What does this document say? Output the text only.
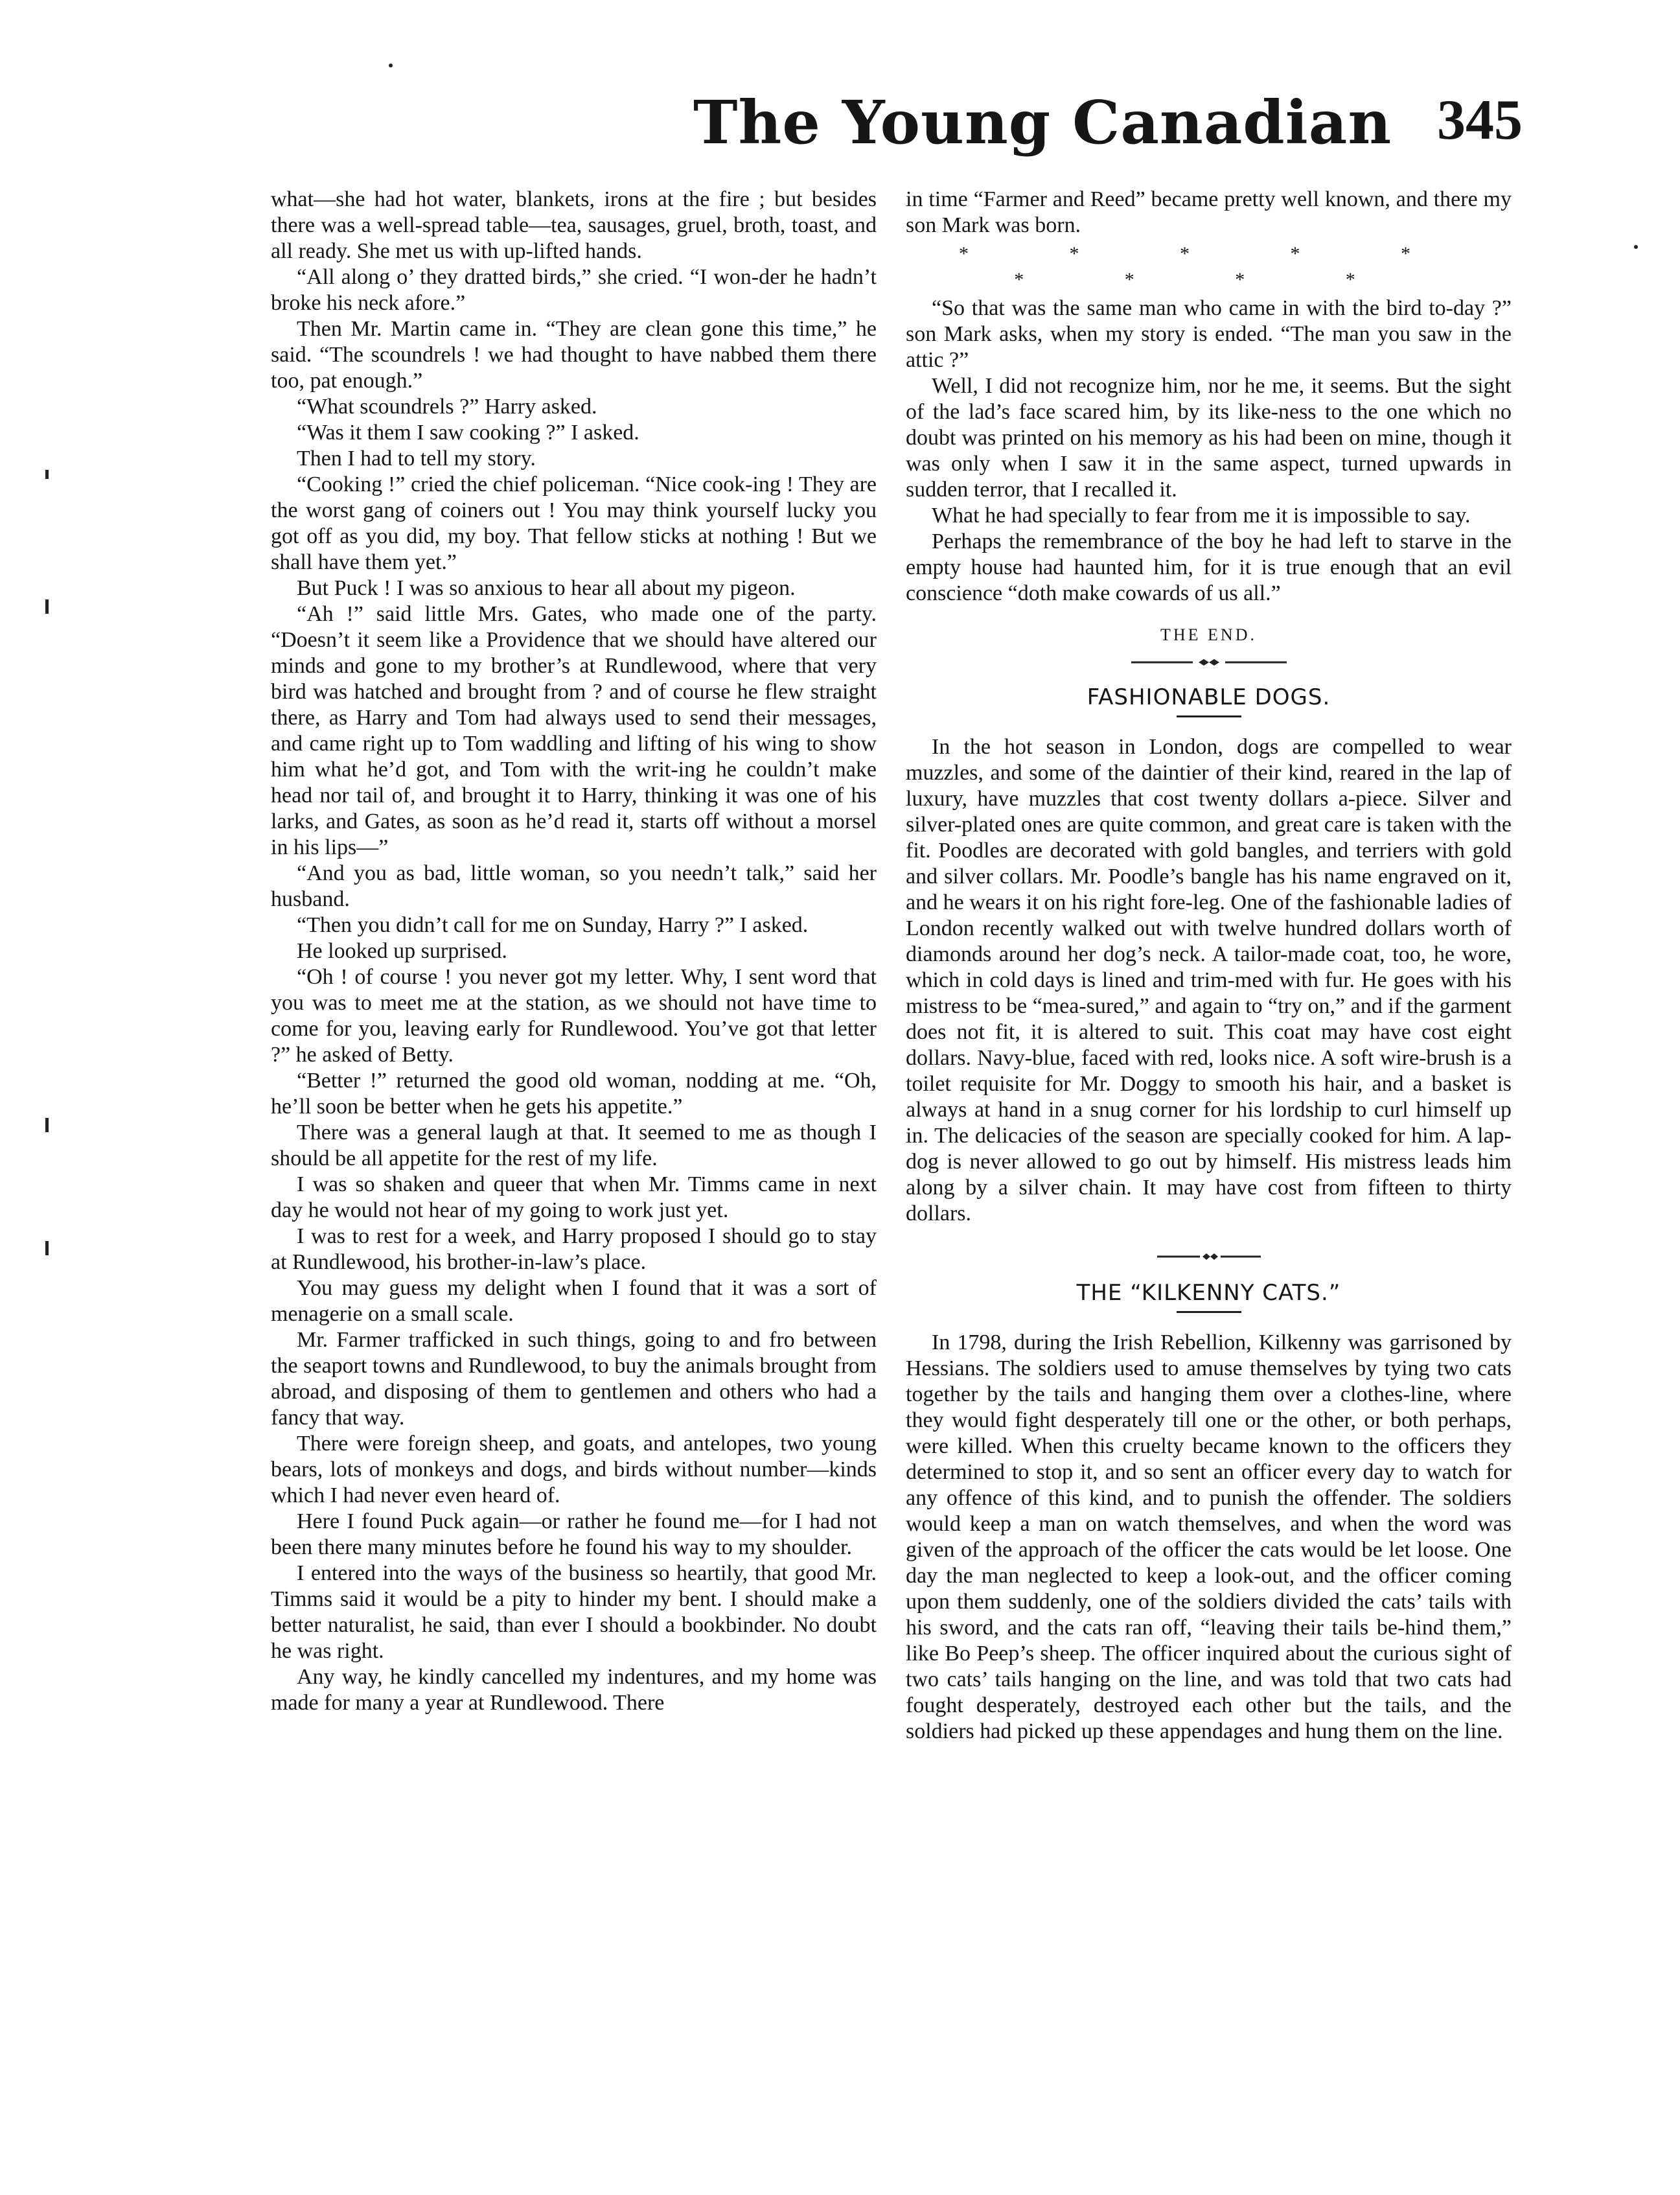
The Young Canadian 345

what—she had hot water, blankets, irons at the fire ; but besides there was a well-spread table—tea, sausages, gruel, broth, toast, and all ready. She met us with up-lifted hands.

“All along o’ they dratted birds,” she cried. “I won-der he hadn’t broke his neck afore.”

Then Mr. Martin came in. “They are clean gone this time,” he said. “The scoundrels ! we had thought to have nabbed them there too, pat enough.”

“What scoundrels ?” Harry asked.

“Was it them I saw cooking ?” I asked.

Then I had to tell my story.

“Cooking !” cried the chief policeman. “Nice cook-ing ! They are the worst gang of coiners out ! You may think yourself lucky you got off as you did, my boy. That fellow sticks at nothing ! But we shall have them yet.”

But Puck ! I was so anxious to hear all about my pigeon.

“Ah !” said little Mrs. Gates, who made one of the party. “Doesn’t it seem like a Providence that we should have altered our minds and gone to my brother’s at Rundlewood, where that very bird was hatched and brought from ? and of course he flew straight there, as Harry and Tom had always used to send their messages, and came right up to Tom waddling and lifting of his wing to show him what he’d got, and Tom with the writ-ing he couldn’t make head nor tail of, and brought it to Harry, thinking it was one of his larks, and Gates, as soon as he’d read it, starts off without a morsel in his lips—”

“And you as bad, little woman, so you needn’t talk,” said her husband.

“Then you didn’t call for me on Sunday, Harry ?” I asked.

He looked up surprised.

“Oh ! of course ! you never got my letter. Why, I sent word that you was to meet me at the station, as we should not have time to come for you, leaving early for Rundlewood. You’ve got that letter ?” he asked of Betty.

“Better !” returned the good old woman, nodding at me. “Oh, he’ll soon be better when he gets his appetite.”

There was a general laugh at that. It seemed to me as though I should be all appetite for the rest of my life.

I was so shaken and queer that when Mr. Timms came in next day he would not hear of my going to work just yet.

I was to rest for a week, and Harry proposed I should go to stay at Rundlewood, his brother-in-law’s place.

You may guess my delight when I found that it was a sort of menagerie on a small scale.

Mr. Farmer trafficked in such things, going to and fro between the seaport towns and Rundlewood, to buy the animals brought from abroad, and disposing of them to gentlemen and others who had a fancy that way.

There were foreign sheep, and goats, and antelopes, two young bears, lots of monkeys and dogs, and birds without number—kinds which I had never even heard of.

Here I found Puck again—or rather he found me—for I had not been there many minutes before he found his way to my shoulder.

I entered into the ways of the business so heartily, that good Mr. Timms said it would be a pity to hinder my bent. I should make a better naturalist, he said, than ever I should a bookbinder. No doubt he was right.

Any way, he kindly cancelled my indentures, and my home was made for many a year at Rundlewood. There

in time “Farmer and Reed” became pretty well known, and there my son Mark was born.

* * * * * * * * *

“So that was the same man who came in with the bird to-day ?” son Mark asks, when my story is ended. “The man you saw in the attic ?”

Well, I did not recognize him, nor he me, it seems. But the sight of the lad’s face scared him, by its like-ness to the one which no doubt was printed on his memory as his had been on mine, though it was only when I saw it in the same aspect, turned upwards in sudden terror, that I recalled it.

What he had specially to fear from me it is impossible to say.

Perhaps the remembrance of the boy he had left to starve in the empty house had haunted him, for it is true enough that an evil conscience “doth make cowards of us all.”

THE END.
FASHIONABLE DOGS.

In the hot season in London, dogs are compelled to wear muzzles, and some of the daintier of their kind, reared in the lap of luxury, have muzzles that cost twenty dollars a-piece. Silver and silver-plated ones are quite common, and great care is taken with the fit. Poodles are decorated with gold bangles, and terriers with gold and silver collars. Mr. Poodle’s bangle has his name engraved on it, and he wears it on his right fore-leg. One of the fashionable ladies of London recently walked out with twelve hundred dollars worth of diamonds around her dog’s neck. A tailor-made coat, too, he wore, which in cold days is lined and trim-med with fur. He goes with his mistress to be “mea-sured,” and again to “try on,” and if the garment does not fit, it is altered to suit. This coat may have cost eight dollars. Navy-blue, faced with red, looks nice. A soft wire-brush is a toilet requisite for Mr. Doggy to smooth his hair, and a basket is always at hand in a snug corner for his lordship to curl himself up in. The delicacies of the season are specially cooked for him. A lap-dog is never allowed to go out by himself. His mistress leads him along by a silver chain. It may have cost from fifteen to thirty dollars.

THE “KILKENNY CATS.”

In 1798, during the Irish Rebellion, Kilkenny was garrisoned by Hessians. The soldiers used to amuse themselves by tying two cats together by the tails and hanging them over a clothes-line, where they would fight desperately till one or the other, or both perhaps, were killed. When this cruelty became known to the officers they determined to stop it, and so sent an officer every day to watch for any offence of this kind, and to punish the offender. The soldiers would keep a man on watch themselves, and when the word was given of the approach of the officer the cats would be let loose. One day the man neglected to keep a look-out, and the officer coming upon them suddenly, one of the soldiers divided the cats’ tails with his sword, and the cats ran off, “leaving their tails be-hind them,” like Bo Peep’s sheep. The officer inquired about the curious sight of two cats’ tails hanging on the line, and was told that two cats had fought desperately, destroyed each other but the tails, and the soldiers had picked up these appendages and hung them on the line.
